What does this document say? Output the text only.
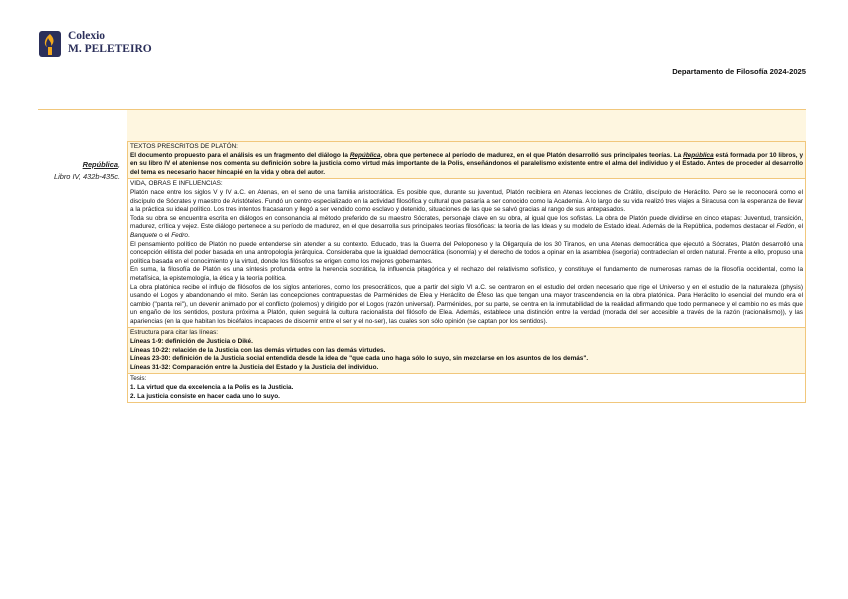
Colexio
M. PELETEIRO
Departamento de Filosofía 2024-2025
República,
Libro IV, 432b-435c.

TEXTOS PRESCRITOS DE PLATÓN:

El documento propuesto para el análisis es un fragmento del diálogo la República, obra que pertenece al período de madurez, en el que Platón desarrolló sus principales teorías. La República está formada por 10 libros, y en su libro IV el ateniense nos comenta su definición sobre la justicia como virtud más importante de la Polis, enseñándonos el paralelismo existente entre el alma del individuo y el Estado. Antes de proceder al desarrollo del tema es necesario hacer hincapié en la vida y obra del autor.

VIDA, OBRAS E INFLUENCIAS:

Platón nace entre los siglos V y IV a.C. en Atenas, en el seno de una familia aristocrática. Es posible que, durante su juventud, Platón recibiera en Atenas lecciones de Crátilo, discípulo de Heráclito. Pero se le reconocerá como el discípulo de Sócrates y maestro de Aristóteles. Fundó un centro especializado en la actividad filosófica y cultural que pasaría a ser conocido como la Academia. A lo largo de su vida realizó tres viajes a Siracusa con la esperanza de llevar a la práctica su ideal político. Los tres intentos fracasaron y llegó a ser vendido como esclavo y detenido, situaciones de las que se salvó gracias al rango de sus antepasados.

Toda su obra se encuentra escrita en diálogos en consonancia al método preferido de su maestro Sócrates, personaje clave en su obra, al igual que los sofistas. La obra de Platón puede dividirse en cinco etapas: Juventud, transición, madurez, crítica y vejez. Este diálogo pertenece a su período de madurez, en el que desarrolla sus principales teorías filosóficas: la teoría de las Ideas y su modelo de Estado ideal. Además de la República, podemos destacar el Fedón, el Banquete o el Fedro.

El pensamiento político de Platón no puede entenderse sin atender a su contexto. Educado, tras la Guerra del Peloponeso y la Oligarquía de los 30 Tiranos, en una Atenas democrática que ejecutó a Sócrates, Platón desarrolló una concepción elitista del poder basada en una antropología jerárquica. Consideraba que la igualdad democrática (isonomía) y el derecho de todos a opinar en la asamblea (isegoría) contradecían el orden natural. Frente a ello, propuso una política basada en el conocimiento y la virtud, donde los filósofos se erigen como los mejores gobernantes.

En suma, la filosofía de Platón es una síntesis profunda entre la herencia socrática, la influencia pitagórica y el rechazo del relativismo sofístico, y constituye el fundamento de numerosas ramas de la filosofía occidental, como la metafísica, la epistemología, la ética y la teoría política.

La obra platónica recibe el influjo de filósofos de los siglos anteriores, como los presocráticos, que a partir del siglo VI a.C. se centraron en el estudio del orden necesario que rige el Universo y en el estudio de la naturaleza (physis) usando el Logos y abandonando el mito. Serán las concepciones contrapuestas de Parménides de Elea y Heráclito de Éfeso las que tengan una mayor trascendencia en la obra platónica. Para Heráclito lo esencial del mundo era el cambio ("panta rei"), un devenir animado por el conflicto (polemos) y dirigido por el Logos (razón universal). Parménides, por su parte, se centra en la inmutabilidad de la realidad afirmando que todo permanece y el cambio no es más que un engaño de los sentidos, postura próxima a Platón, quien seguirá la cultura racionalista del filósofo de Elea. Además, establece una distinción entre la verdad (morada del ser accesible a través de la razón (racionalismo)), y las apariencias (en la que habitan los bicéfalos incapaces de discernir entre el ser y el no-ser), las cuales son sólo opinión (se captan por los sentidos).

Estructura para citar las líneas:

Líneas 1-9: definición de Justicia o Diké.

Líneas 10-22: relación de la Justicia con las demás virtudes con las demás virtudes.

Líneas 23-30: definición de la Justicia social entendida desde la idea de "que cada uno haga sólo lo suyo, sin mezclarse en los asuntos de los demás".

Líneas 31-32: Comparación entre la Justicia del Estado y la Justicia del individuo.

Tesis:

1. La virtud que da excelencia a la Polis es la Justicia.

2. La justicia consiste en hacer cada uno lo suyo.
